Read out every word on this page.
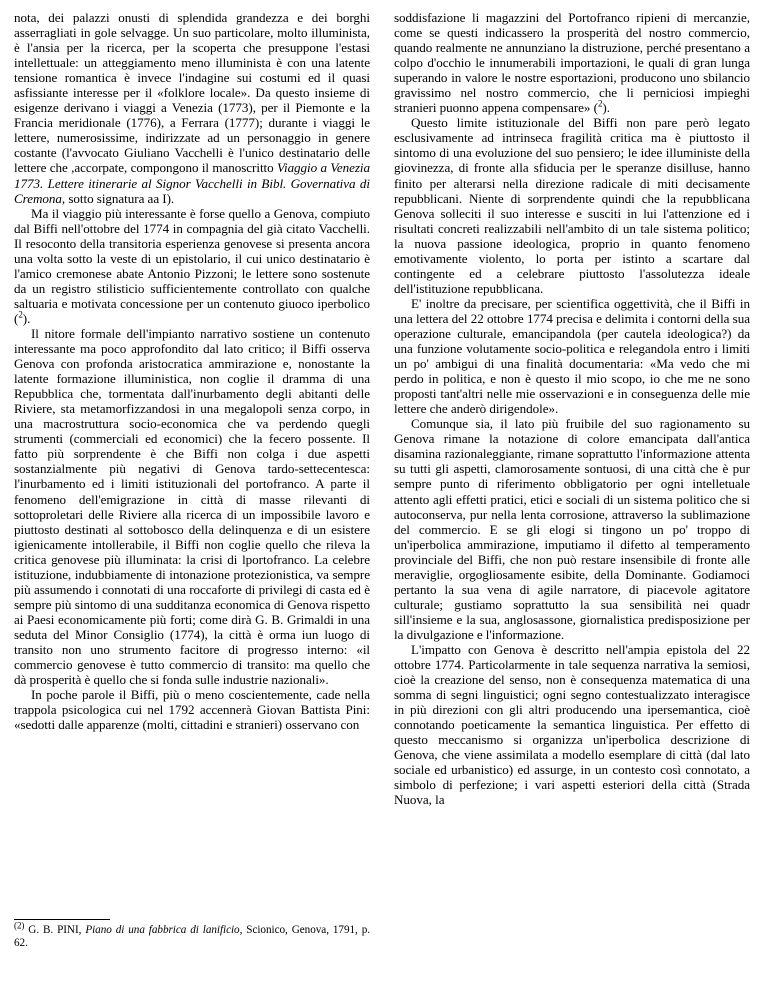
nota, dei palazzi onusti di splendida grandezza e dei borghi asserragliati in gole selvagge. Un suo particolare, molto illuminista, è l'ansia per la ricerca, per la scoperta che presuppone l'estasi intellettuale: un atteggiamento meno illuminista è con una latente tensione romantica è invece l'indagine sui costumi ed il quasi asfissiante interesse per il «folklore locale». Da questo insieme di esigenze derivano i viaggi a Venezia (1773), per il Piemonte e la Francia meridionale (1776), a Ferrara (1777); durante i viaggi le lettere, numerosissime, indirizzate ad un personaggio in genere costante (l'avvocato Giuliano Vacchelli è l'unico destinatario delle lettere che ,accorpate, compongono il manoscritto Viaggio a Venezia 1773. Lettere itinerarie al Signor Vacchelli in Bibl. Governativa di Cremona, sotto signatura aa I).

Ma il viaggio più interessante è forse quello a Genova, compiuto dal Biffi nell'ottobre del 1774 in compagnia del già citato Vacchelli. Il resoconto della transitoria esperienza genovese si presenta ancora una volta sotto la veste di un epistolario, il cui unico destinatario è l'amico cremonese abate Antonio Pizzoni; le lettere sono sostenute da un registro stilisticio sufficientemente controllato con qualche saltuaria e motivata concessione per un contenuto giuoco iperbolico ($^2$).

Il nitore formale dell'impianto narrativo sostiene un contenuto interessante ma poco approfondito dal lato critico; il Biffi osserva Genova con profonda aristocratica ammirazione e, nonostante la latente formazione illuministica, non coglie il dramma di una Repubblica che, tormentata dall'inurbamento degli abitanti delle Riviere, sta metamorfizzandosi in una megalopoli senza corpo, in una macrostruttura socio-economica che va perdendo quegli strumenti (commerciali ed economici) che la fecero possente. Il fatto più sorprendente è che Biffi non colga i due aspetti sostanzialmente più negativi di Genova tardo-settecentesca: l'inurbamento ed i limiti istituzionali del portofranco. A parte il fenomeno dell'emigrazione in città di masse rilevanti di sottoproletari delle Riviere alla ricerca di un impossibile lavoro e piuttosto destinati al sottobosco della delinquenza e di un esistere igienicamente intollerabile, il Biffi non coglie quello che rileva la critica genovese più illuminata: la crisi di lportofranco. La celebre istituzione, indubbiamente di intonazione protezionistica, va sempre più assumendo i connotati di una roccaforte di privilegi di casta ed è sempre più sintomo di una sudditanza economica di Genova rispetto ai Paesi economicamente più forti; come dirà G. B. Grimaldi in una seduta del Minor Consiglio (1774), la città è orma iun luogo di transito non uno strumento facitore di progresso interno: «il commercio genovese è tutto commercio di transito: ma quello che dà prosperità è quello che si fonda sulle industrie nazionali».

In poche parole il Biffi, più o meno coscientemente, cade nella trappola psicologica cui nel 1792 accennerà Giovan Battista Pini: «sedotti dalle apparenze (molti, cittadini e stranieri) osservano con

$^{(2)}$ G. B. PINI, Piano di una fabbrica di lanificio, Scionico, Genova, 1791, p. 62.

soddisfazione li magazzini del Portofranco ripieni di mercanzie, come se questi indicassero la prosperità del nostro commercio, quando realmente ne annunziano la distruzione, perché presentano a colpo d'occhio le innumerabili importazioni, le quali di gran lunga superando in valore le nostre esportazioni, producono uno sbilancio gravissimo nel nostro commercio, che li perniciosi impieghi stranieri puonno appena compensare» ($^2$).

Questo limite istituzionale del Biffi non pare però legato esclusivamente ad intrinseca fragilità critica ma è piuttosto il sintomo di una evoluzione del suo pensiero; le idee illuministe della giovinezza, di fronte alla sfiducia per le speranze disilluse, hanno finito per alterarsi nella direzione radicale di miti decisamente repubblicani. Niente di sorprendente quindi che la repubblicana Genova solleciti il suo interesse e susciti in lui l'attenzione ed i risultati concreti realizzabili nell'ambito di un tale sistema politico; la nuova passione ideologica, proprio in quanto fenomeno emotivamente violento, lo porta per istinto a scartare dal contingente ed a celebrare piuttosto l'assolutezza ideale dell'istituzione repubblicana.

E' inoltre da precisare, per scientifica oggettività, che il Biffi in una lettera del 22 ottobre 1774 precisa e delimita i contorni della sua operazione culturale, emancipandola (per cautela ideologica?) da una funzione volutamente socio-politica e relegandola entro i limiti un po' ambigui di una finalità documentaria: «Ma vedo che mi perdo in politica, e non è questo il mio scopo, io che me ne sono proposti tant'altri nelle mie osservazioni e in conseguenza delle mie lettere che anderò dirigendole».

Comunque sia, il lato più fruibile del suo ragionamento su Genova rimane la notazione di colore emancipata dall'antica disamina razionaleggiante, rimane soprattutto l'informazione attenta su tutti gli aspetti, clamorosamente sontuosi, di una città che è pur sempre punto di riferimento obbligatorio per ogni intelletuale attento agli effetti pratici, etici e sociali di un sistema politico che si autoconserva, pur nella lenta corrosione, attraverso la sublimazione del commercio. E se gli elogi si tingono un po' troppo di un'iperbolica ammirazione, imputiamo il difetto al temperamento provinciale del Biffi, che non può restare insensibile di fronte alle meraviglie, orgogliosamente esibite, della Dominante. Godiamoci pertanto la sua vena di agile narratore, di piacevole agitatore culturale; gustiamo soprattutto la sua sensibilità nei quadr sill'insieme e la sua, anglosassone, giornalistica predisposizione per la divulgazione e l'informazione.

L'impatto con Genova è descritto nell'ampia epistola del 22 ottobre 1774. Particolarmente in tale sequenza narrativa la semiosi, cioè la creazione del senso, non è consequenza matematica di una somma di segni linguistici; ogni segno contestualizzato interagisce in più direzioni con gli altri producendo una ipersemantica, cioè connotando poeticamente la semantica linguistica. Per effetto di questo meccanismo si organizza un'iperbolica descrizione di Genova, che viene assimilata a modello esemplare di città (dal lato sociale ed urbanistico) ed assurge, in un contesto così connotato, a simbolo di perfezione; i vari aspetti esteriori della città (Strada Nuova, la
